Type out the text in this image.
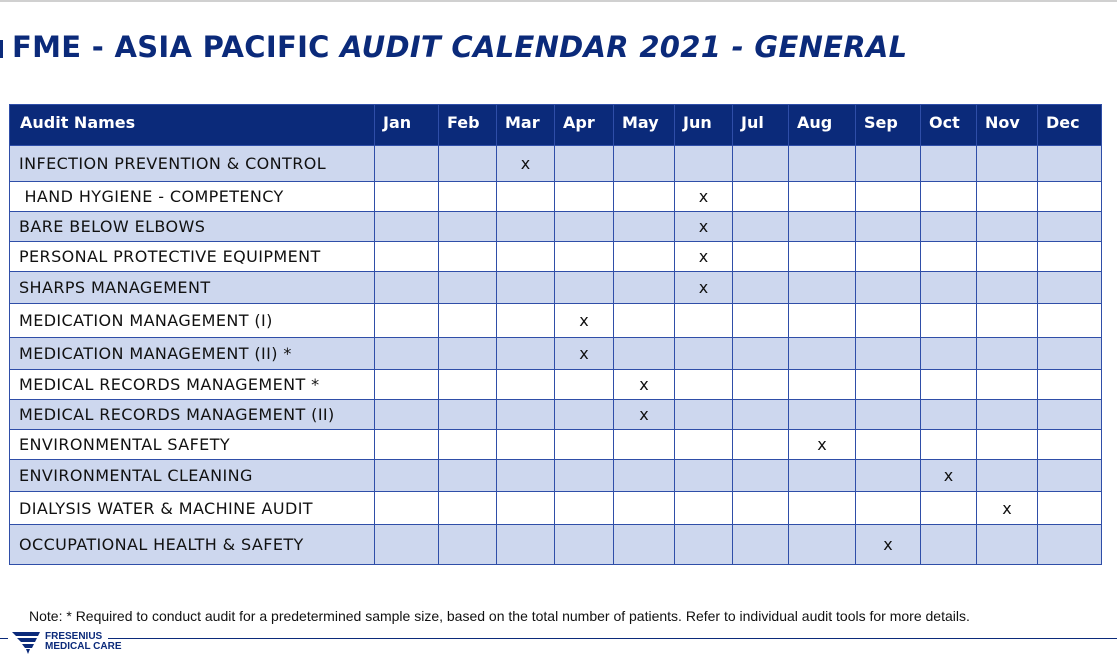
FME - ASIA PACIFIC AUDIT CALENDAR 2021 - GENERAL
Audit Names	Jan	Feb	Mar	Apr	May	Jun	Jul	Aug	Sep	Oct	Nov	Dec
INFECTION PREVENTION & CONTROL			x									
HAND HYGIENE - COMPETENCY						x						
BARE BELOW ELBOWS						x						
PERSONAL PROTECTIVE EQUIPMENT						x						
SHARPS MANAGEMENT						x						
MEDICATION MANAGEMENT (I)				x								
MEDICATION MANAGEMENT (II) *				x								
MEDICAL RECORDS MANAGEMENT *					x							
MEDICAL RECORDS MANAGEMENT (II)					x							
ENVIRONMENTAL SAFETY								x				
ENVIRONMENTAL CLEANING										x		
DIALYSIS WATER & MACHINE AUDIT											x	
OCCUPATIONAL HEALTH & SAFETY									x			
Note: * Required to conduct audit for a predetermined sample size, based on the total number of patients. Refer to individual audit tools for more details.
FRESENIUS
MEDICAL CARE
